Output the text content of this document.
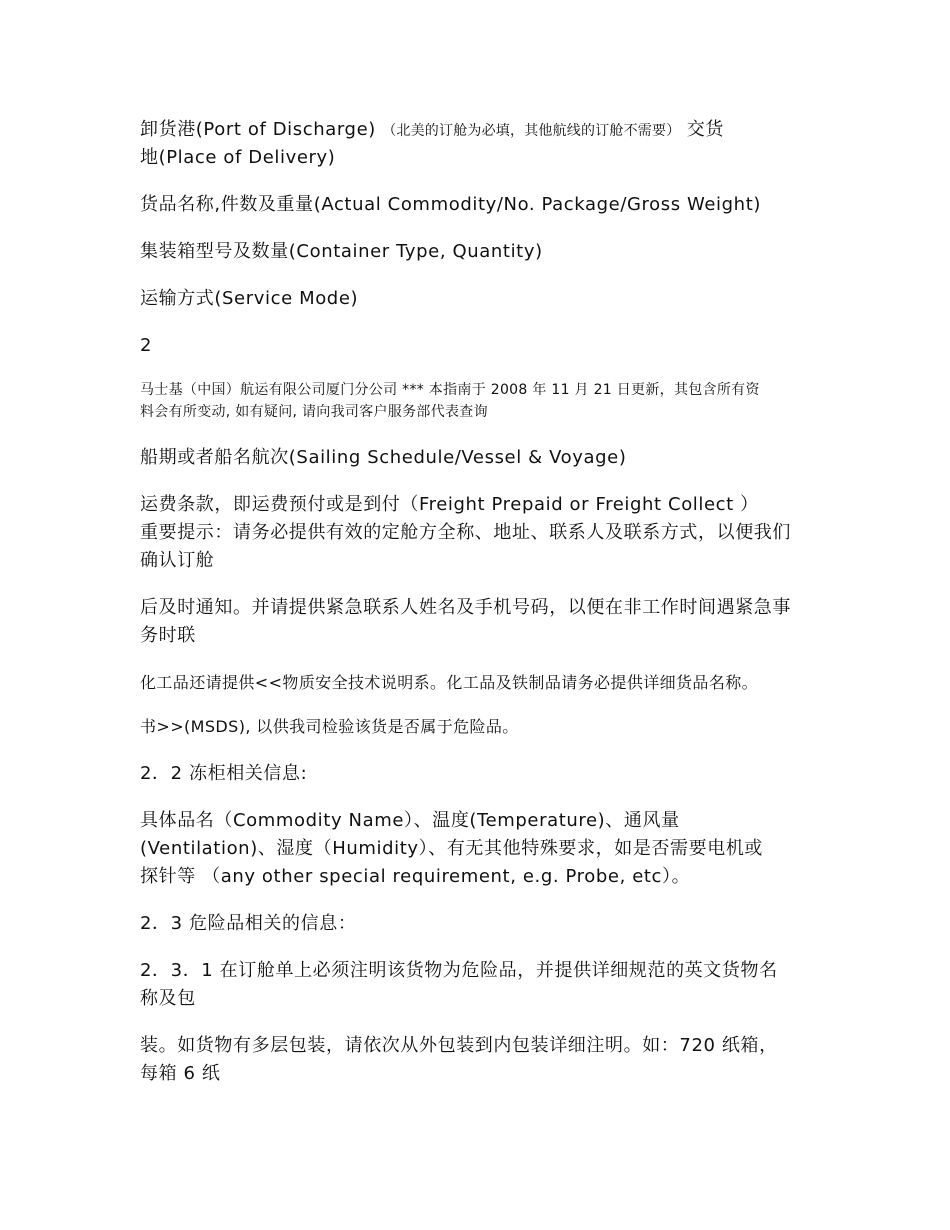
卸货港(Port of Discharge) （北美的订舱为必填，其他航线的订舱不需要） 交货
地(Place of Delivery)
货品名称,件数及重量(Actual Commodity/No. Package/Gross Weight)
集装箱型号及数量(Container Type, Quantity)
运输方式(Service Mode)
2
马士基（中国）航运有限公司厦门分公司 *** 本指南于 2008 年 11 月 21 日更新，其包含所有资
料会有所变动, 如有疑问, 请向我司客户服务部代表查询
船期或者船名航次(Sailing Schedule/Vessel & Voyage)
运费条款，即运费预付或是到付（Freight Prepaid or Freight Collect ）
重要提示：请务必提供有效的定舱方全称、地址、联系人及联系方式，以便我们
确认订舱
后及时通知。并请提供紧急联系人姓名及手机号码，以便在非工作时间遇紧急事
务时联
化工品还请提供<<物质安全技术说明系。化工品及铁制品请务必提供详细货品名称。
书>>(MSDS), 以供我司检验该货是否属于危险品。
2．2 冻柜相关信息:
具体品名（Commodity Name）、温度(Temperature)、通风量
(Ventilation)、湿度（Humidity）、有无其他特殊要求，如是否需要电机或
探针等 （any other special requirement, e.g. Probe, etc）。
2．3 危险品相关的信息：
2．3．1 在订舱单上必须注明该货物为危险品，并提供详细规范的英文货物名
称及包
装。如货物有多层包装，请依次从外包装到内包装详细注明。如：720 纸箱，
每箱 6 纸
